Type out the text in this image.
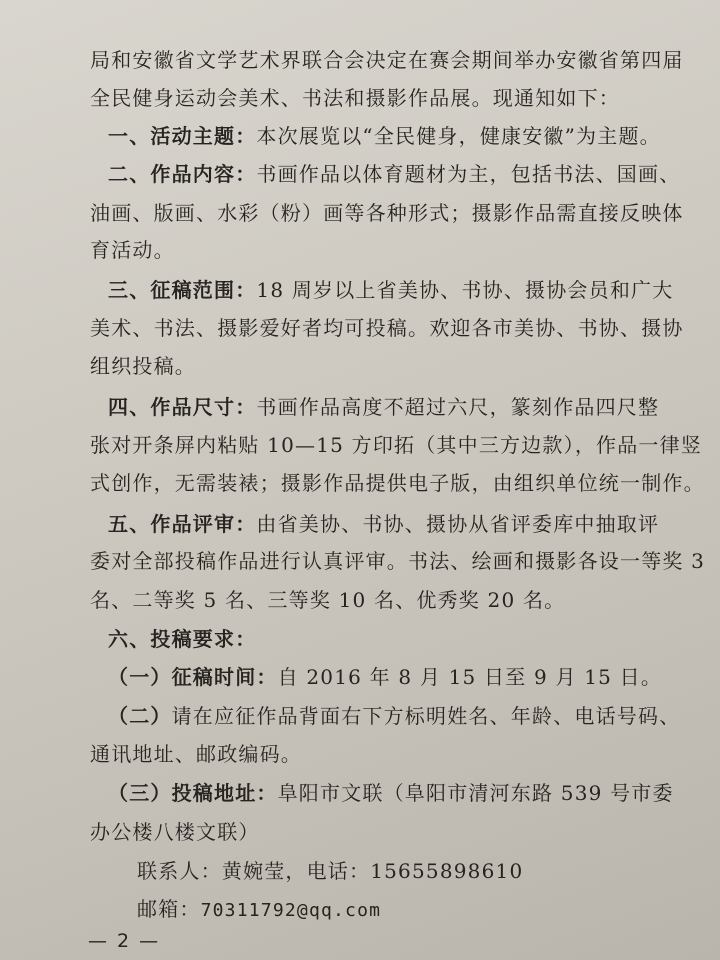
局和安徽省文学艺术界联合会决定在赛会期间举办安徽省第四届
全民健身运动会美术、书法和摄影作品展。现通知如下：
一、活动主题：本次展览以“全民健身，健康安徽”为主题。
二、作品内容：书画作品以体育题材为主，包括书法、国画、
油画、版画、水彩（粉）画等各种形式；摄影作品需直接反映体
育活动。
三、征稿范围：18 周岁以上省美协、书协、摄协会员和广大
美术、书法、摄影爱好者均可投稿。欢迎各市美协、书协、摄协
组织投稿。
四、作品尺寸：书画作品高度不超过六尺，篆刻作品四尺整
张对开条屏内粘贴 10—15 方印拓（其中三方边款），作品一律竖
式创作，无需装裱；摄影作品提供电子版，由组织单位统一制作。
五、作品评审：由省美协、书协、摄协从省评委库中抽取评
委对全部投稿作品进行认真评审。书法、绘画和摄影各设一等奖 3
名、二等奖 5 名、三等奖 10 名、优秀奖 20 名。
六、投稿要求：
（一）征稿时间：自 2016 年 8 月 15 日至 9 月 15 日。
（二）请在应征作品背面右下方标明姓名、年龄、电话号码、
通讯地址、邮政编码。
（三）投稿地址：阜阳市文联（阜阳市清河东路 539 号市委
办公楼八楼文联）
联系人：黄婉莹，电话：15655898610
邮箱：70311792@qq.com
— 2 —
